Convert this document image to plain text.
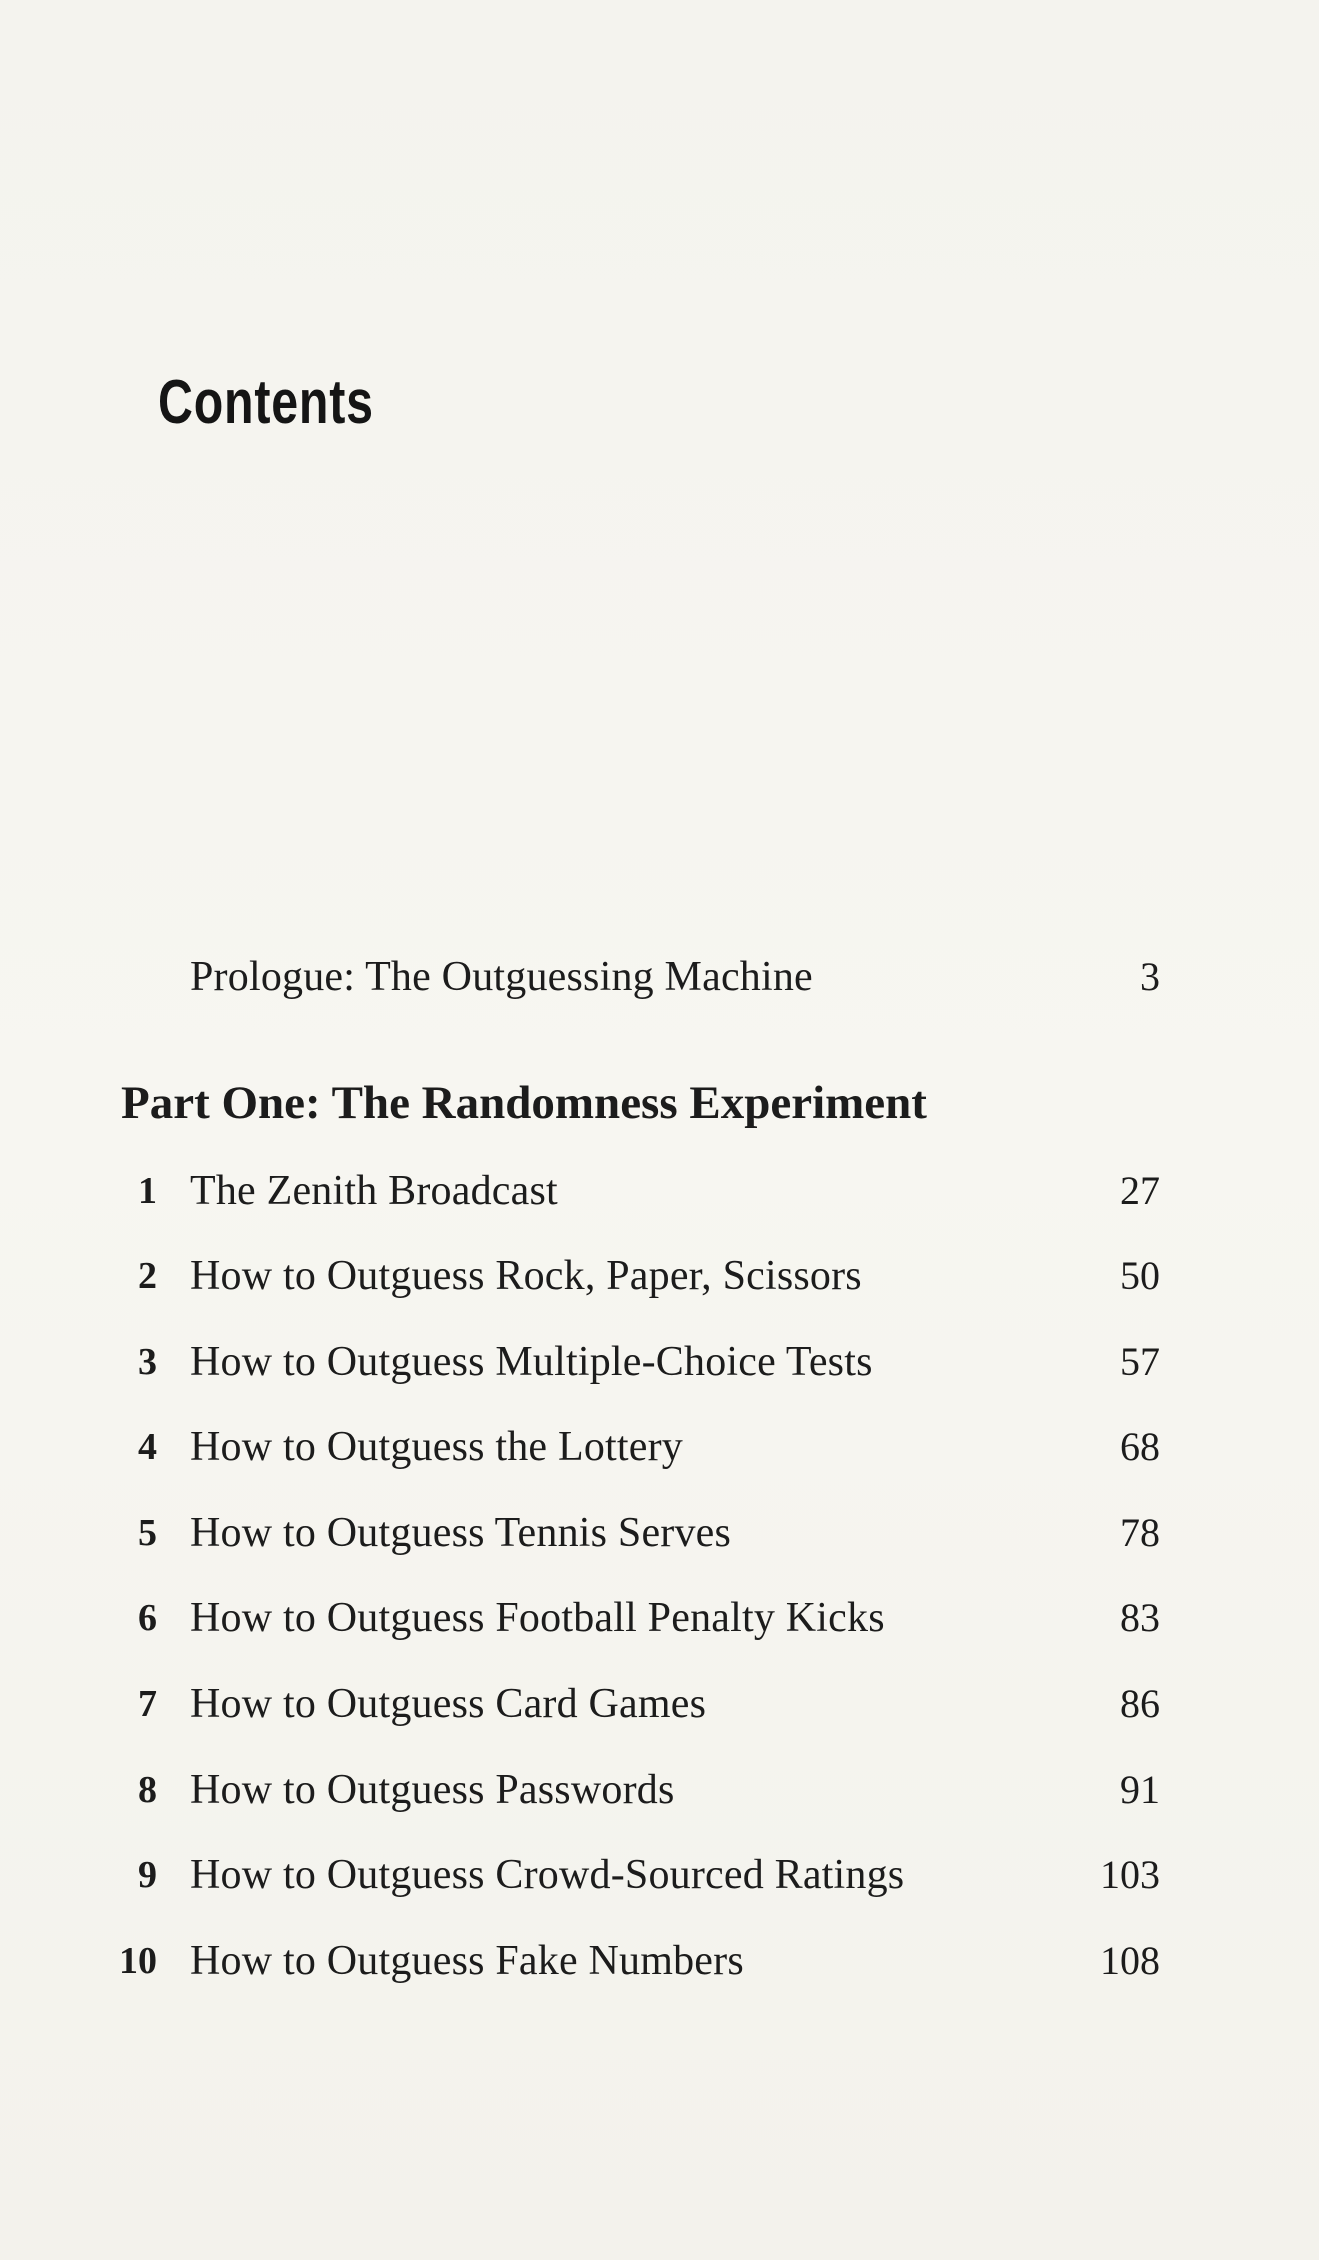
Contents
Prologue: The Outguessing Machine	3
Part One: The Randomness Experiment
1 The Zenith Broadcast	27
2 How to Outguess Rock, Paper, Scissors	50
3 How to Outguess Multiple-Choice Tests	57
4 How to Outguess the Lottery	68
5 How to Outguess Tennis Serves	78
6 How to Outguess Football Penalty Kicks	83
7 How to Outguess Card Games	86
8 How to Outguess Passwords	91
9 How to Outguess Crowd-Sourced Ratings	103
10 How to Outguess Fake Numbers	108
